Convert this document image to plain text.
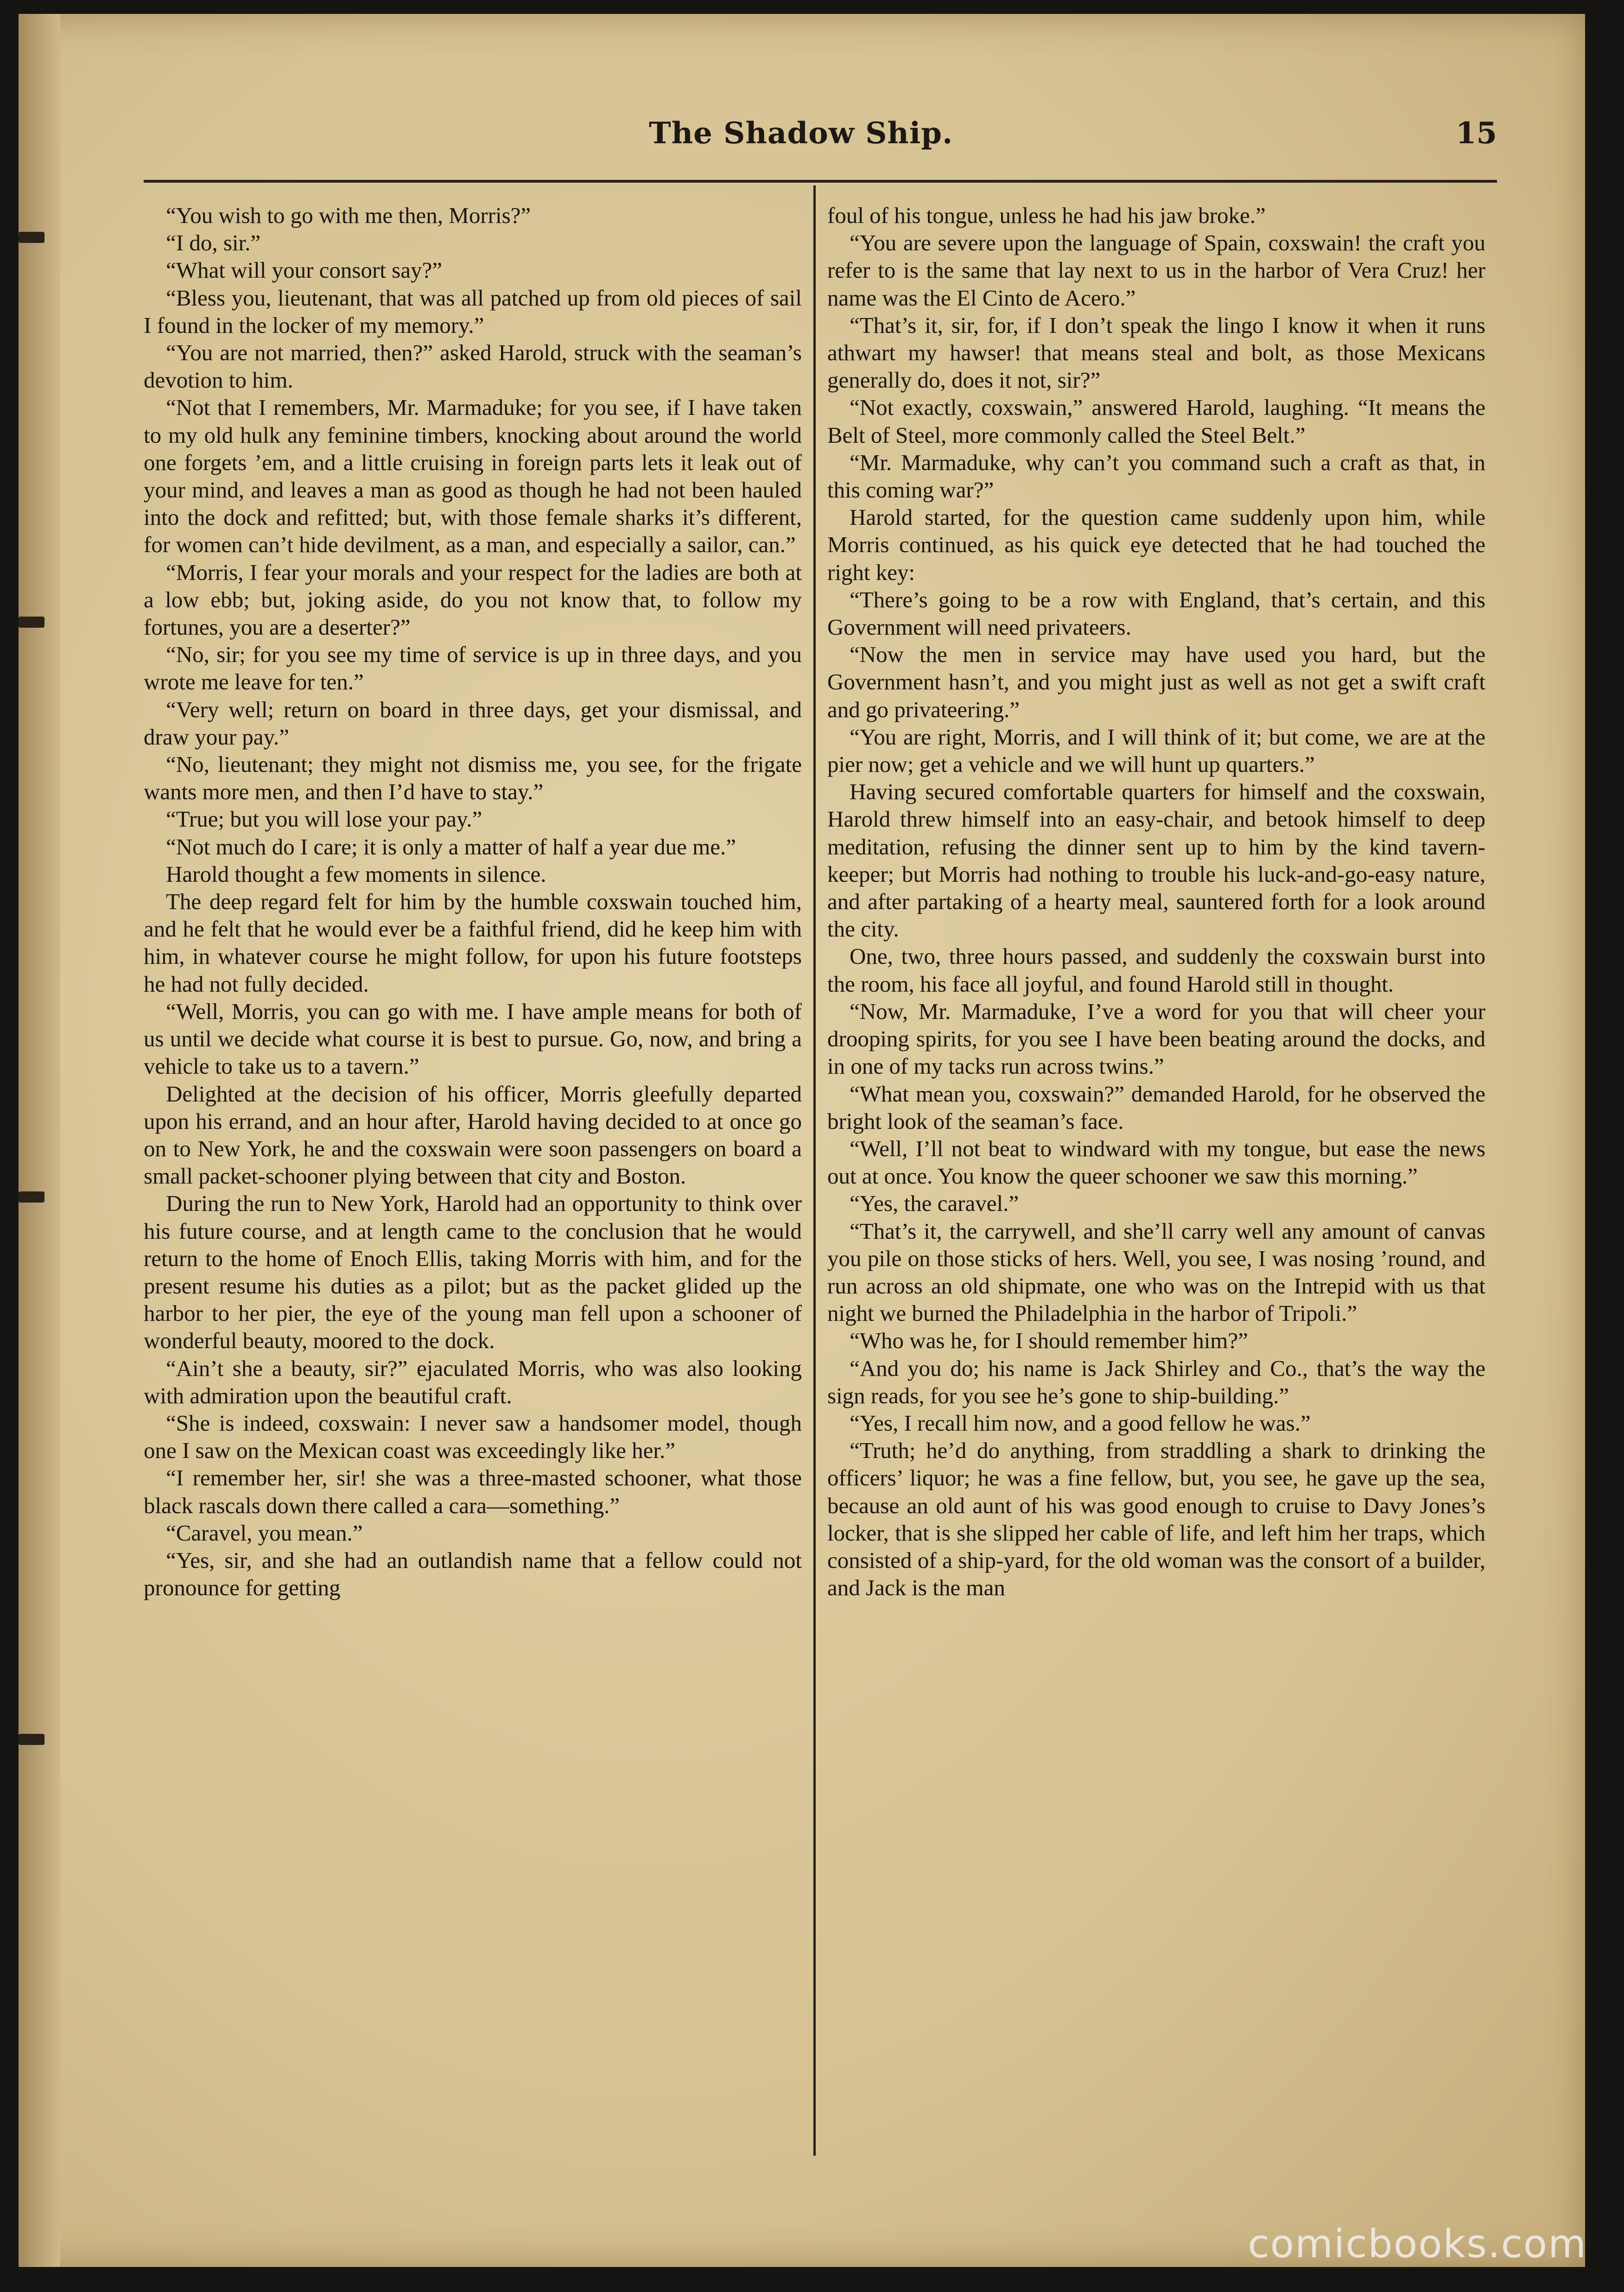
The Shadow Ship.	15

“You wish to go with me then, Morris?”

“I do, sir.”

“What will your consort say?”

“Bless you, lieutenant, that was all patched up from old pieces of sail I found in the locker of my memory.”

“You are not married, then?” asked Harold, struck with the seaman’s devotion to him.

“Not that I remembers, Mr. Marmaduke; for you see, if I have taken to my old hulk any feminine timbers, knocking about around the world one forgets ’em, and a little cruising in foreign parts lets it leak out of your mind, and leaves a man as good as though he had not been hauled into the dock and refitted; but, with those female sharks it’s different, for women can’t hide devilment, as a man, and especially a sailor, can.”

“Morris, I fear your morals and your respect for the ladies are both at a low ebb; but, joking aside, do you not know that, to follow my fortunes, you are a deserter?”

“No, sir; for you see my time of service is up in three days, and you wrote me leave for ten.”

“Very well; return on board in three days, get your dismissal, and draw your pay.”

“No, lieutenant; they might not dismiss me, you see, for the frigate wants more men, and then I’d have to stay.”

“True; but you will lose your pay.”

“Not much do I care; it is only a matter of half a year due me.”

Harold thought a few moments in silence.

The deep regard felt for him by the humble coxswain touched him, and he felt that he would ever be a faithful friend, did he keep him with him, in whatever course he might follow, for upon his future footsteps he had not fully decided.

“Well, Morris, you can go with me. I have ample means for both of us until we decide what course it is best to pursue. Go, now, and bring a vehicle to take us to a tavern.”

Delighted at the decision of his officer, Morris gleefully departed upon his errand, and an hour after, Harold having decided to at once go on to New York, he and the coxswain were soon passengers on board a small packet-schooner plying between that city and Boston.

During the run to New York, Harold had an opportunity to think over his future course, and at length came to the conclusion that he would return to the home of Enoch Ellis, taking Morris with him, and for the present resume his duties as a pilot; but as the packet glided up the harbor to her pier, the eye of the young man fell upon a schooner of wonderful beauty, moored to the dock.

“Ain’t she a beauty, sir?” ejaculated Morris, who was also looking with admiration upon the beautiful craft.

“She is indeed, coxswain: I never saw a handsomer model, though one I saw on the Mexican coast was exceedingly like her.”

“I remember her, sir! she was a three-masted schooner, what those black rascals down there called a cara—something.”

“Caravel, you mean.”

“Yes, sir, and she had an outlandish name that a fellow could not pronounce for getting

foul of his tongue, unless he had his jaw broke.”

“You are severe upon the language of Spain, coxswain! the craft you refer to is the same that lay next to us in the harbor of Vera Cruz! her name was the El Cinto de Acero.”

“That’s it, sir, for, if I don’t speak the lingo I know it when it runs athwart my hawser! that means steal and bolt, as those Mexicans generally do, does it not, sir?”

“Not exactly, coxswain,” answered Harold, laughing. “It means the Belt of Steel, more commonly called the Steel Belt.”

“Mr. Marmaduke, why can’t you command such a craft as that, in this coming war?”

Harold started, for the question came suddenly upon him, while Morris continued, as his quick eye detected that he had touched the right key:

“There’s going to be a row with England, that’s certain, and this Government will need privateers.

“Now the men in service may have used you hard, but the Government hasn’t, and you might just as well as not get a swift craft and go privateering.”

“You are right, Morris, and I will think of it; but come, we are at the pier now; get a vehicle and we will hunt up quarters.”

Having secured comfortable quarters for himself and the coxswain, Harold threw himself into an easy-chair, and betook himself to deep meditation, refusing the dinner sent up to him by the kind tavern-keeper; but Morris had nothing to trouble his luck-and-go-easy nature, and after partaking of a hearty meal, sauntered forth for a look around the city.

One, two, three hours passed, and suddenly the coxswain burst into the room, his face all joyful, and found Harold still in thought.

“Now, Mr. Marmaduke, I’ve a word for you that will cheer your drooping spirits, for you see I have been beating around the docks, and in one of my tacks run across twins.”

“What mean you, coxswain?” demanded Harold, for he observed the bright look of the seaman’s face.

“Well, I’ll not beat to windward with my tongue, but ease the news out at once. You know the queer schooner we saw this morning.”

“Yes, the caravel.”

“That’s it, the carrywell, and she’ll carry well any amount of canvas you pile on those sticks of hers. Well, you see, I was nosing ’round, and run across an old shipmate, one who was on the Intrepid with us that night we burned the Philadelphia in the harbor of Tripoli.”

“Who was he, for I should remember him?”

“And you do; his name is Jack Shirley and Co., that’s the way the sign reads, for you see he’s gone to ship-building.”

“Yes, I recall him now, and a good fellow he was.”

“Truth; he’d do anything, from straddling a shark to drinking the officers’ liquor; he was a fine fellow, but, you see, he gave up the sea, because an old aunt of his was good enough to cruise to Davy Jones’s locker, that is she slipped her cable of life, and left him her traps, which consisted of a ship-yard, for the old woman was the consort of a builder, and Jack is the man

comicbooks.com
